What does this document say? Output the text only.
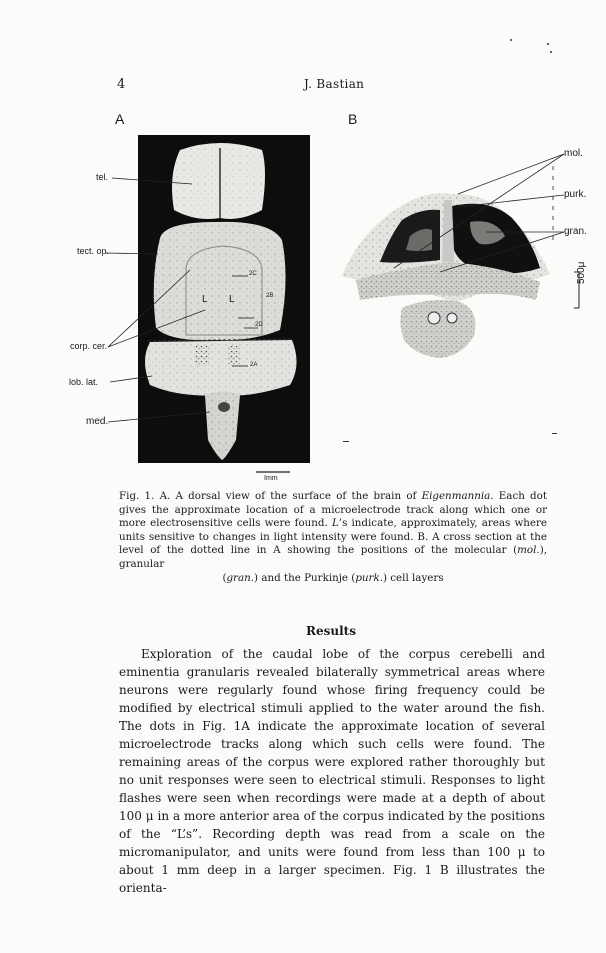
4	J. Bastian
A	B
tel.
tect. op.
corp. cer.
lob. lat.
med.
L L
2C
2B
2D
2A
Imm
mol.
purk.
gran.
500μ
Fig. 1. A. A dorsal view of the surface of the brain of Eigenmannia. Each dot gives the approximate location of a microelectrode track along which one or more electrosensitive cells were found. L’s indicate, approximately, areas where units sensitive to changes in light intensity were found. B. A cross section at the level of the dotted line in A showing the positions of the molecular (mol.), granular
(gran.) and the Purkinje (purk.) cell layers
Results
Exploration of the caudal lobe of the corpus cerebelli and eminentia granularis revealed bilaterally symmetrical areas where neurons were regularly found whose firing frequency could be modified by electrical stimuli applied to the water around the fish. The dots in Fig. 1A indicate the approximate location of several microelectrode tracks along which such cells were found. The remaining areas of the corpus were explored rather thoroughly but no unit responses were seen to electrical stimuli. Responses to light flashes were seen when recordings were made at a depth of about 100 μ in a more anterior area of the corpus indicated by the positions of the “L’s”. Recording depth was read from a scale on the micromanipulator, and units were found from less than 100 μ to about 1 mm deep in a larger specimen. Fig. 1 B illustrates the orienta-
